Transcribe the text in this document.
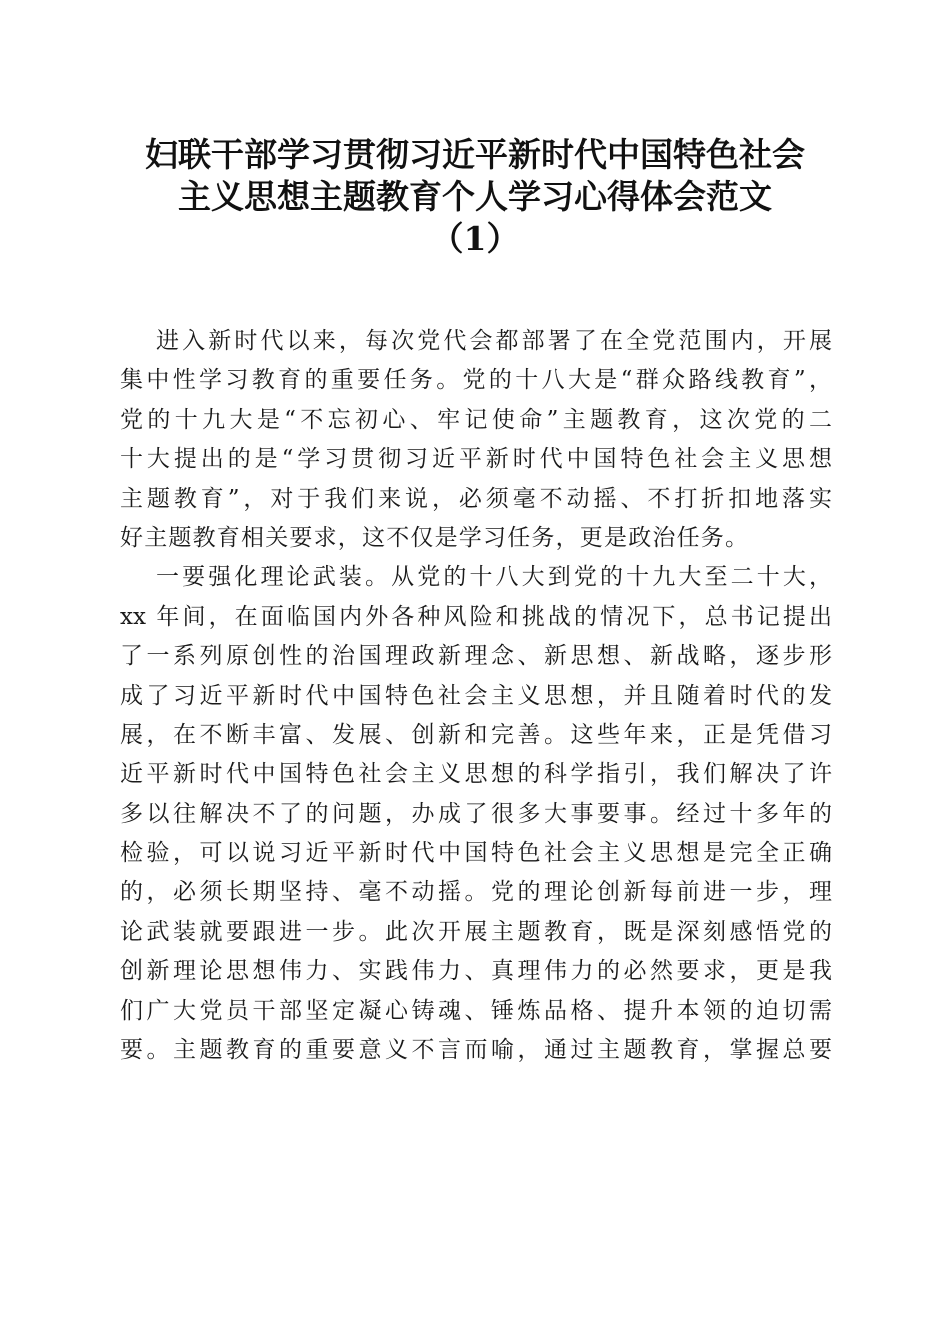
妇联干部学习贯彻习近平新时代中国特色社会
主义思想主题教育个人学习心得体会范文
（1）
进入新时代以来，每次党代会都部署了在全党范围内，开展
集中性学习教育的重要任务。党的十八大是“群众路线教育”，
党的十九大是“不忘初心、牢记使命”主题教育，这次党的二
十大提出的是“学习贯彻习近平新时代中国特色社会主义思想
主题教育”，对于我们来说，必须毫不动摇、不打折扣地落实
好主题教育相关要求，这不仅是学习任务，更是政治任务。
一要强化理论武装。从党的十八大到党的十九大至二十大，
xx 年间，在面临国内外各种风险和挑战的情况下，总书记提出
了一系列原创性的治国理政新理念、新思想、新战略，逐步形
成了习近平新时代中国特色社会主义思想，并且随着时代的发
展，在不断丰富、发展、创新和完善。这些年来，正是凭借习
近平新时代中国特色社会主义思想的科学指引，我们解决了许
多以往解决不了的问题，办成了很多大事要事。经过十多年的
检验，可以说习近平新时代中国特色社会主义思想是完全正确
的，必须长期坚持、毫不动摇。党的理论创新每前进一步，理
论武装就要跟进一步。此次开展主题教育，既是深刻感悟党的
创新理论思想伟力、实践伟力、真理伟力的必然要求，更是我
们广大党员干部坚定凝心铸魂、锤炼品格、提升本领的迫切需
要。主题教育的重要意义不言而喻，通过主题教育，掌握总要
